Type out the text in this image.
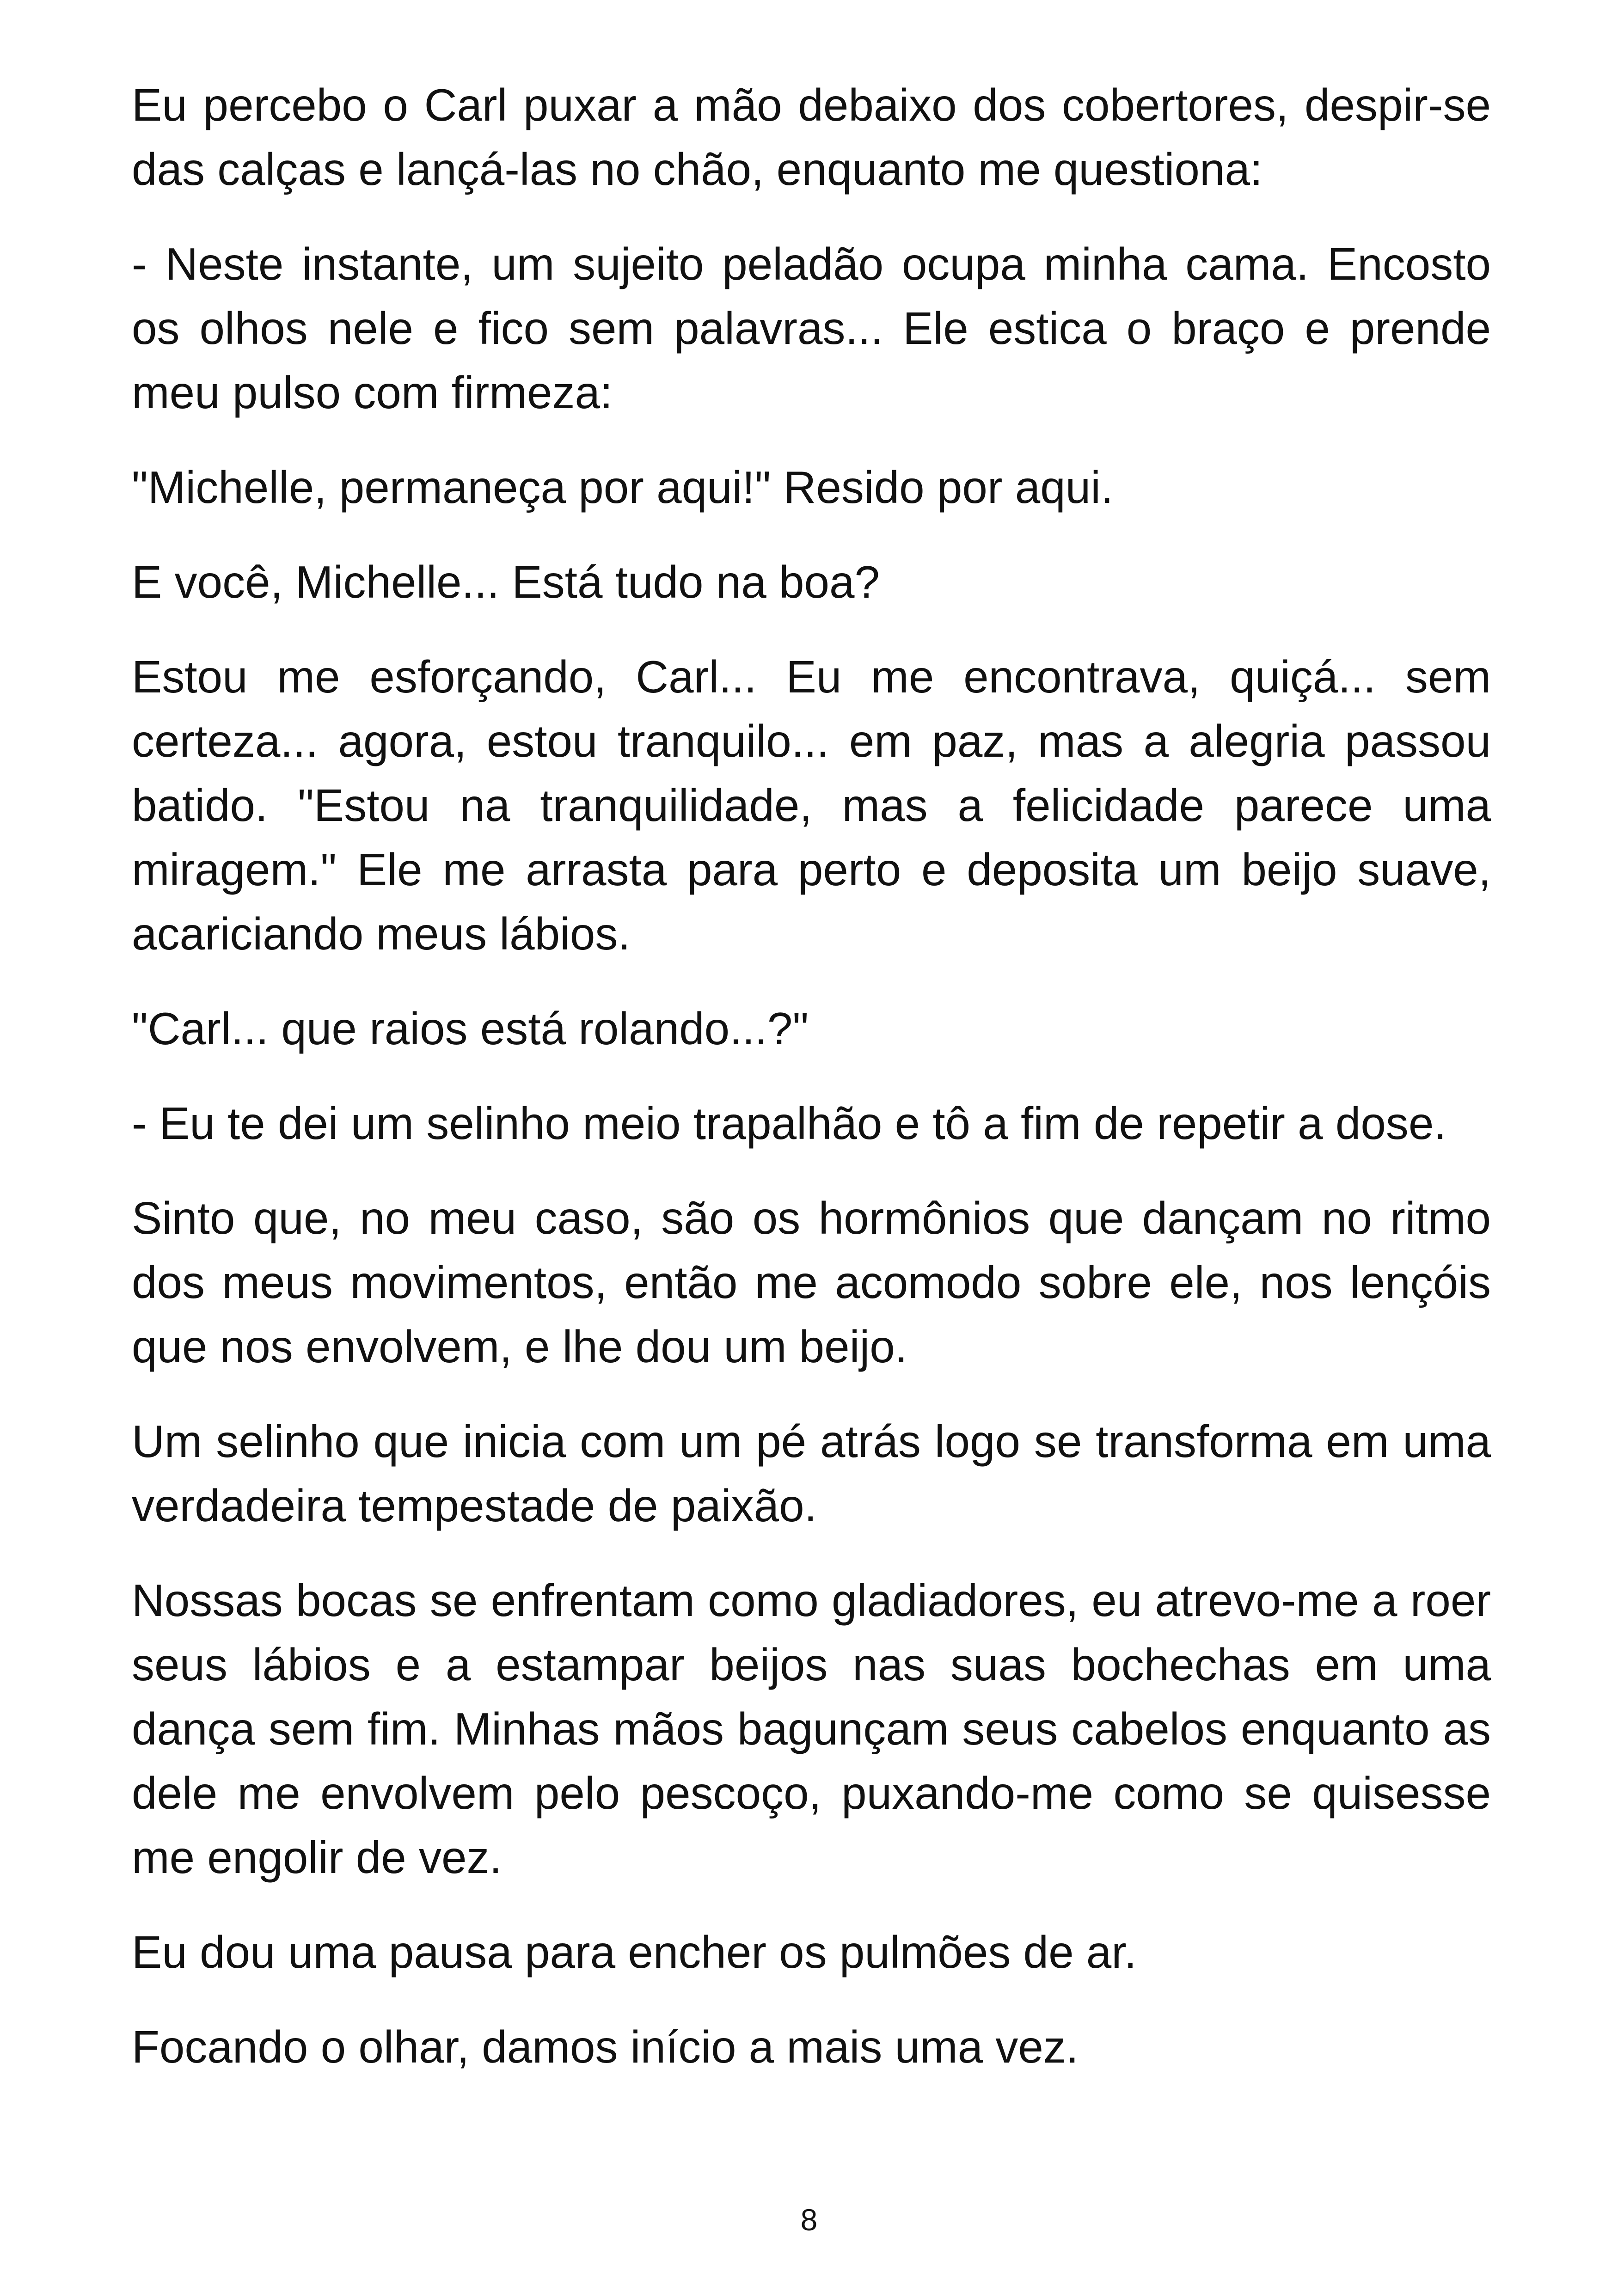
Eu percebo o Carl puxar a mão debaixo dos cobertores, despir-se das calças e lançá-las no chão, enquanto me questiona:

- Neste instante, um sujeito peladão ocupa minha cama. Encosto os olhos nele e fico sem palavras... Ele estica o braço e prende meu pulso com firmeza:

"Michelle, permaneça por aqui!" Resido por aqui.

E você, Michelle... Está tudo na boa?

Estou me esforçando, Carl... Eu me encontrava, quiçá... sem certeza... agora, estou tranquilo... em paz, mas a alegria passou batido. "Estou na tranquilidade, mas a felicidade parece uma miragem." Ele me arrasta para perto e deposita um beijo suave, acariciando meus lábios.

"Carl... que raios está rolando...?"

- Eu te dei um selinho meio trapalhão e tô a fim de repetir a dose.

Sinto que, no meu caso, são os hormônios que dançam no ritmo dos meus movimentos, então me acomodo sobre ele, nos lençóis que nos envolvem, e lhe dou um beijo.

Um selinho que inicia com um pé atrás logo se transforma em uma verdadeira tempestade de paixão.

Nossas bocas se enfrentam como gladiadores, eu atrevo-me a roer seus lábios e a estampar beijos nas suas bochechas em uma dança sem fim. Minhas mãos bagunçam seus cabelos enquanto as dele me envolvem pelo pescoço, puxando-me como se quisesse me engolir de vez.

Eu dou uma pausa para encher os pulmões de ar.

Focando o olhar, damos início a mais uma vez.

8
